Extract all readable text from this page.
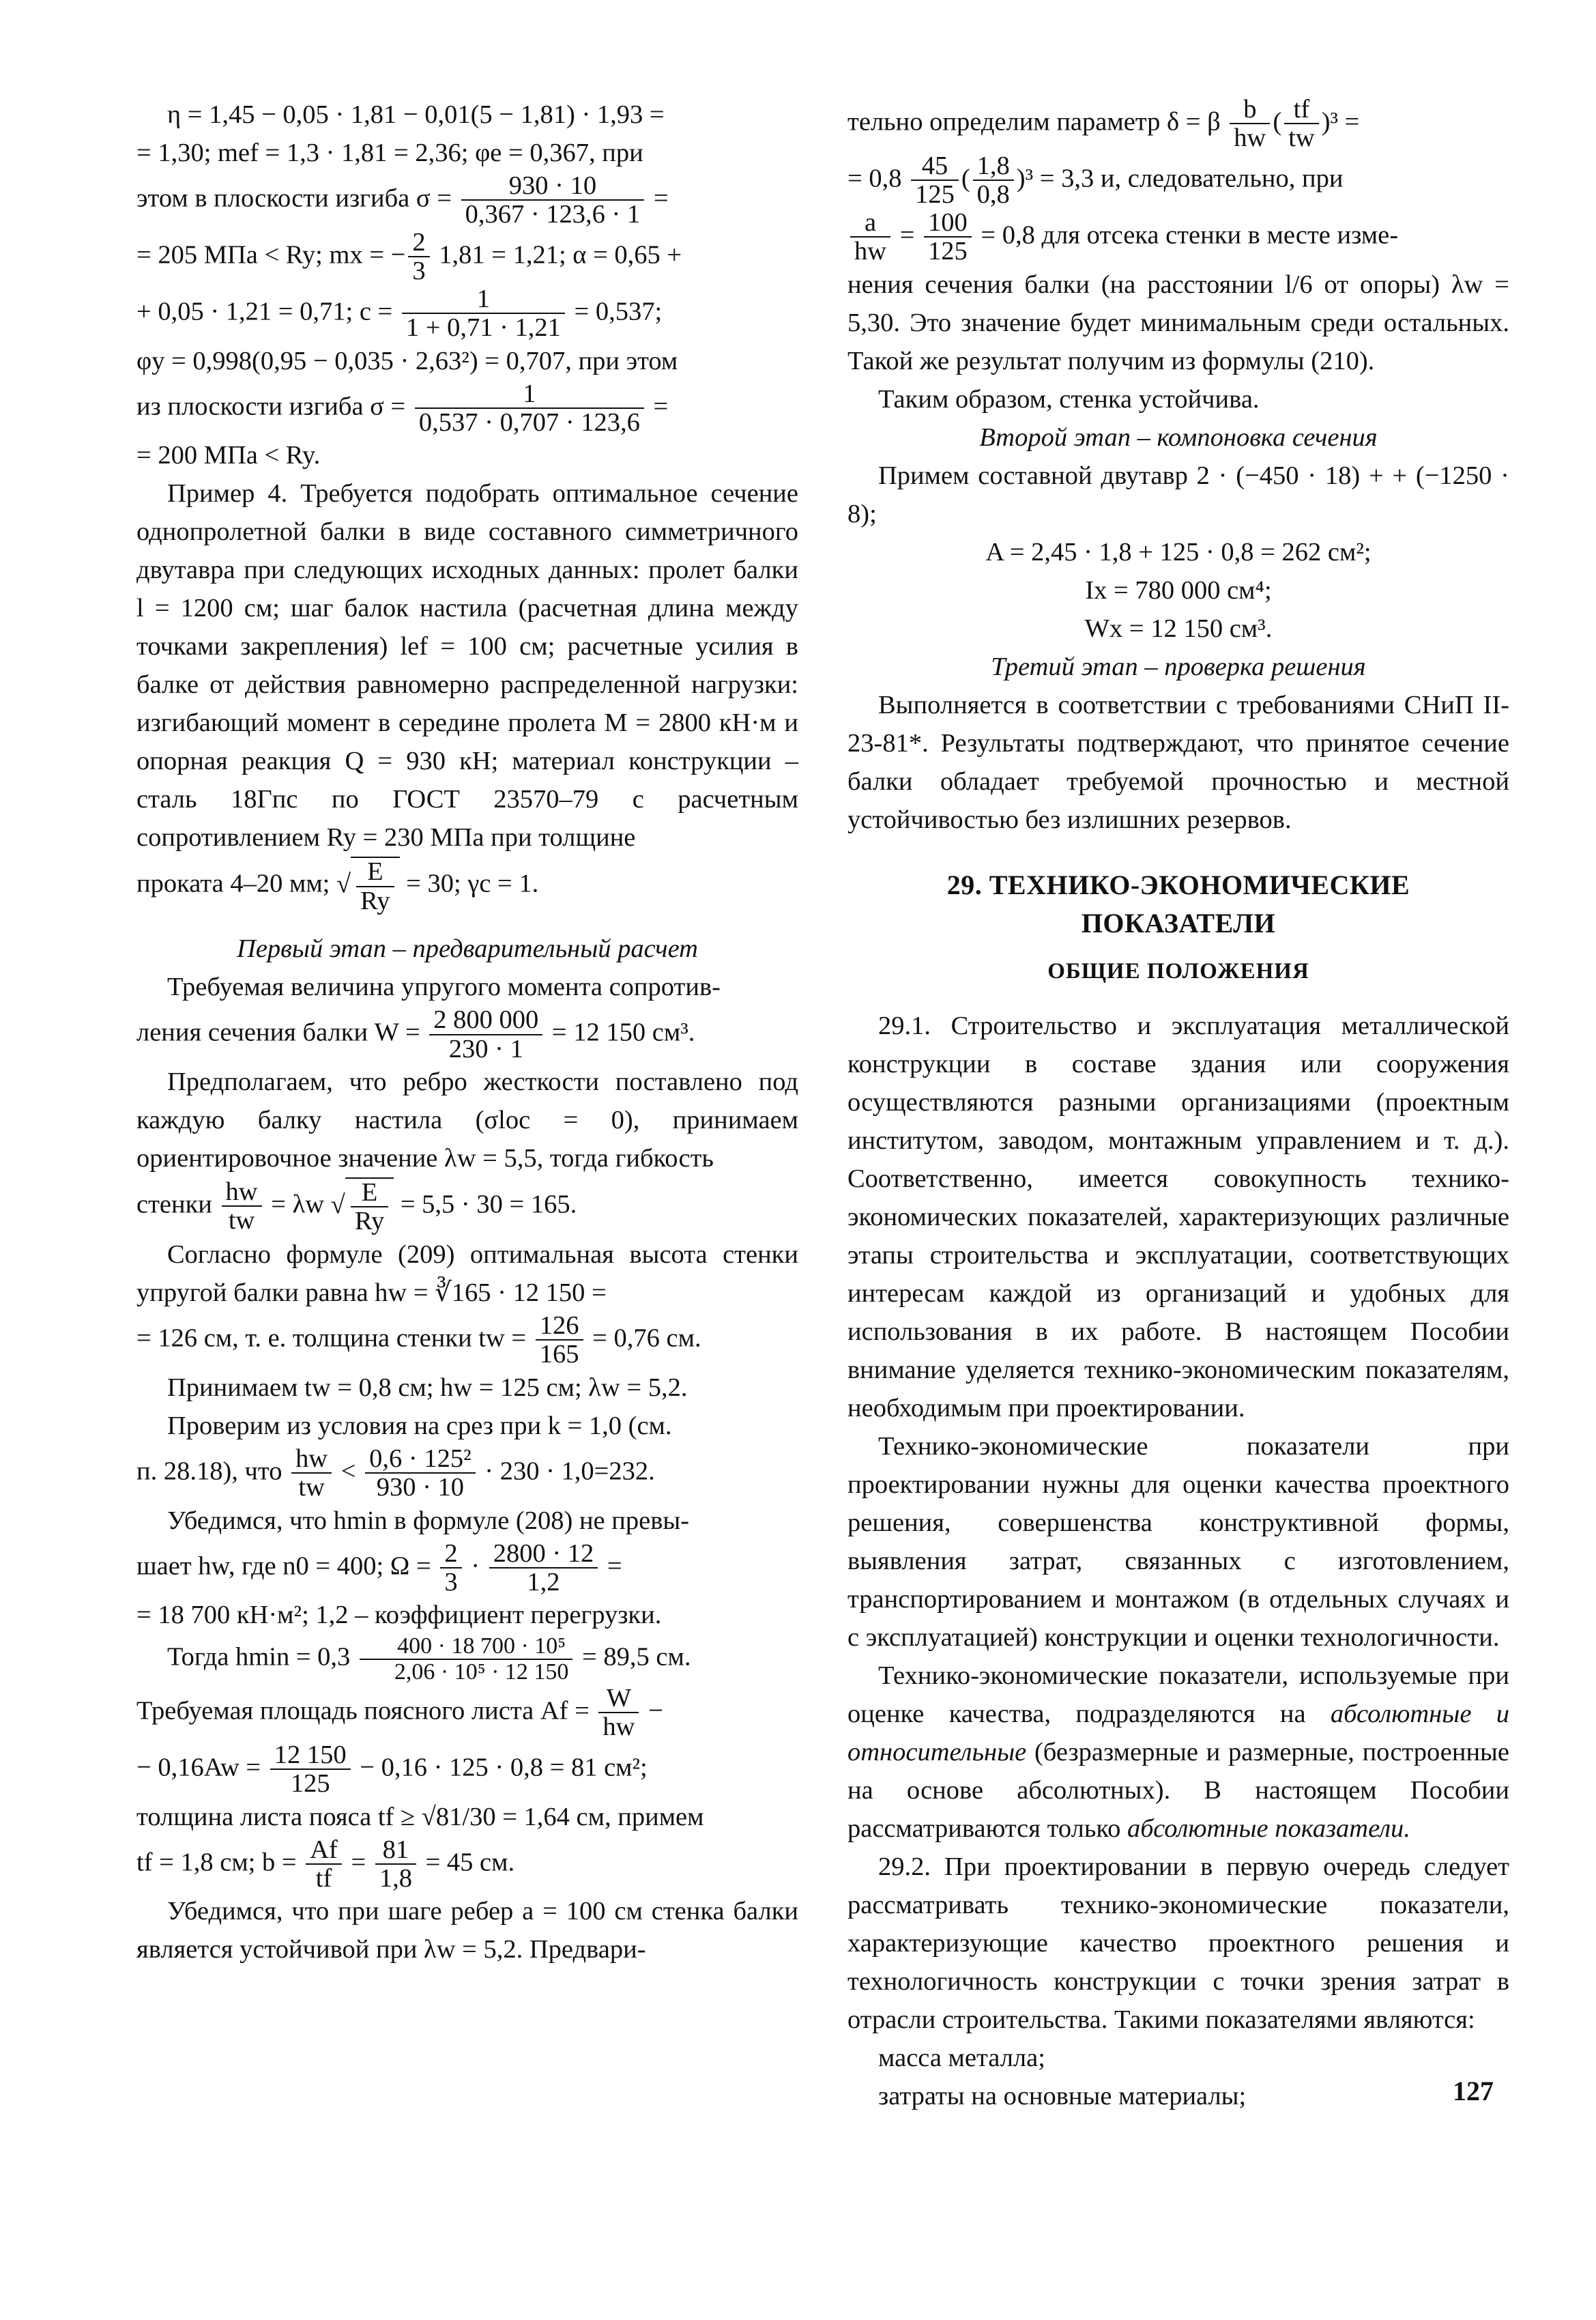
η = 1,45 − 0,05 · 1,81 − 0,01(5 − 1,81) · 1,93 =

= 1,30; mef = 1,3 · 1,81 = 2,36; φe = 0,367, при

этом в плоскости изгиба $\sigma = \frac{930 \cdot 10}{0,367 \cdot 123,6 \cdot 1}$ =

= 205 МПа < Ry; mx = − $\frac{2}{3} 1,81 = 1,21$; α = 0,65 +

+ 0,05 · 1,21 = 0,71; $c = \frac{1}{1 + 0,71 \cdot 1,21} = 0,537$;

φy = 0,998(0,95 − 0,035 · 2,63²) = 0,707, при этом

из плоскости изгиба $\sigma = \frac{1}{0,537 \cdot 0,707 \cdot 123,6}$ =

= 200 МПа < Ry.

Пример 4. Требуется подобрать оптимальное сечение однопролетной балки в виде составного симметричного двутавра при следующих исходных данных: пролет балки l = 1200 см; шаг балок настила (расчетная длина между точками закрепления) lef = 100 см; расчетные усилия в балке от действия равномерно распределенной нагрузки: изгибающий момент в середине пролета M = 2800 кН·м и опорная реакция Q = 930 кН; материал конструкции – сталь 18Гпс по ГОСТ 23570–79 с расчетным сопротивлением Ry = 230 МПа при толщине

проката 4–20 мм; √ $\frac{E}{Ry} = 30$; γc = 1.

Первый этап – предварительный расчет

Требуемая величина упругого момента сопротив-

ления сечения балки $W = \frac{2 800 000}{230 \cdot 1} = 12$ 150 см³.

Предполагаем, что ребро жесткости поставлено под каждую балку настила (σloc = 0), принимаем ориентировочное значение λw = 5,5, тогда гибкость

стенки $\frac{hw}{tw} = \lambda w$ √ $\frac{E}{Ry} = 5,5 \cdot 30 = 165$.

Согласно формуле (209) оптимальная высота стенки упругой балки равна hw = ∛165 · 12 150 =

= 126 см, т. е. толщина стенки tw = $\frac{126}{165} = 0,76$ см.

Принимаем tw = 0,8 см; hw = 125 см; λw = 5,2.

Проверим из условия на срез при k = 1,0 (см.

п. 28.18), что $\frac{hw}{tw} < \frac{\text{0,6 · 125²}}{930 \cdot 10} \cdot 230 \cdot 1,0=232$.

Убедимся, что hmin в формуле (208) не превы-

шает hw, где n0 = 400; $\Omega = \frac{2}{3} \cdot \frac{2800 \cdot 12}{1,2}$ =

= 18 700 кН·м²; 1,2 – коэффициент перегрузки.

Тогда $hmin = 0,3 \frac{\text{400 · 18 700 · 10⁵}}{\text{2,06 · 10⁵ · 12 150}} = 89,5$ см.

Требуемая площадь поясного листа $Af = \frac{W}{hw}$ −

− $0,16Aw = \frac{12 150}{125} - 0,16 \cdot 125 \cdot 0,8 = 81$ см²;

толщина листа пояса tf ≥ √81/30 = 1,64 см, примем

tf = 1,8 см; $b = \frac{Af}{tf} = \frac{81}{1,8} = 45$ см.

Убедимся, что при шаге ребер a = 100 см стенка балки является устойчивой при λw = 5,2. Предвари-

тельно определим параметр δ = β $\frac{b}{hw}$ ( $\frac{tf}{tw} )^3$ =

= $0,8 \frac{45}{125}$ ( $\frac{1,8}{0,8} )^3 = 3,3$ и, следовательно, при

$\frac{a}{hw} = \frac{100}{125} = 0,8$ для отсека стенки в месте изме-

нения сечения балки (на расстоянии l/6 от опоры) λw = 5,30. Это значение будет минимальным среди остальных. Такой же результат получим из формулы (210).

Таким образом, стенка устойчива.

Второй этап – компоновка сечения

Примем составной двутавр 2 · (−450 · 18) + + (−1250 · 8);

A = 2,45 · 1,8 + 125 · 0,8 = 262 см²;

Ix = 780 000 см⁴;

Wx = 12 150 см³.

Третий этап – проверка решения

Выполняется в соответствии с требованиями СНиП II-23-81*. Результаты подтверждают, что принятое сечение балки обладает требуемой прочностью и местной устойчивостью без излишних резервов.

29. ТЕХНИКО-ЭКОНОМИЧЕСКИЕ ПОКАЗАТЕЛИ
ОБЩИЕ ПОЛОЖЕНИЯ

29.1. Строительство и эксплуатация металлической конструкции в составе здания или сооружения осуществляются разными организациями (проектным институтом, заводом, монтажным управлением и т. д.). Соответственно, имеется совокупность технико-экономических показателей, характеризующих различные этапы строительства и эксплуатации, соответствующих интересам каждой из организаций и удобных для использования в их работе. В настоящем Пособии внимание уделяется технико-экономическим показателям, необходимым при проектировании.

Технико-экономические показатели при проектировании нужны для оценки качества проектного решения, совершенства конструктивной формы, выявления затрат, связанных с изготовлением, транспортированием и монтажом (в отдельных случаях и с эксплуатацией) конструкции и оценки технологичности.

Технико-экономические показатели, используемые при оценке качества, подразделяются на абсолютные и относительные (безразмерные и размерные, построенные на основе абсолютных). В настоящем Пособии рассматриваются только абсолютные показатели.

29.2. При проектировании в первую очередь следует рассматривать технико-экономические показатели, характеризующие качество проектного решения и технологичность конструкции с точки зрения затрат в отрасли строительства. Такими показателями являются:

масса металла;

затраты на основные материалы;	127
